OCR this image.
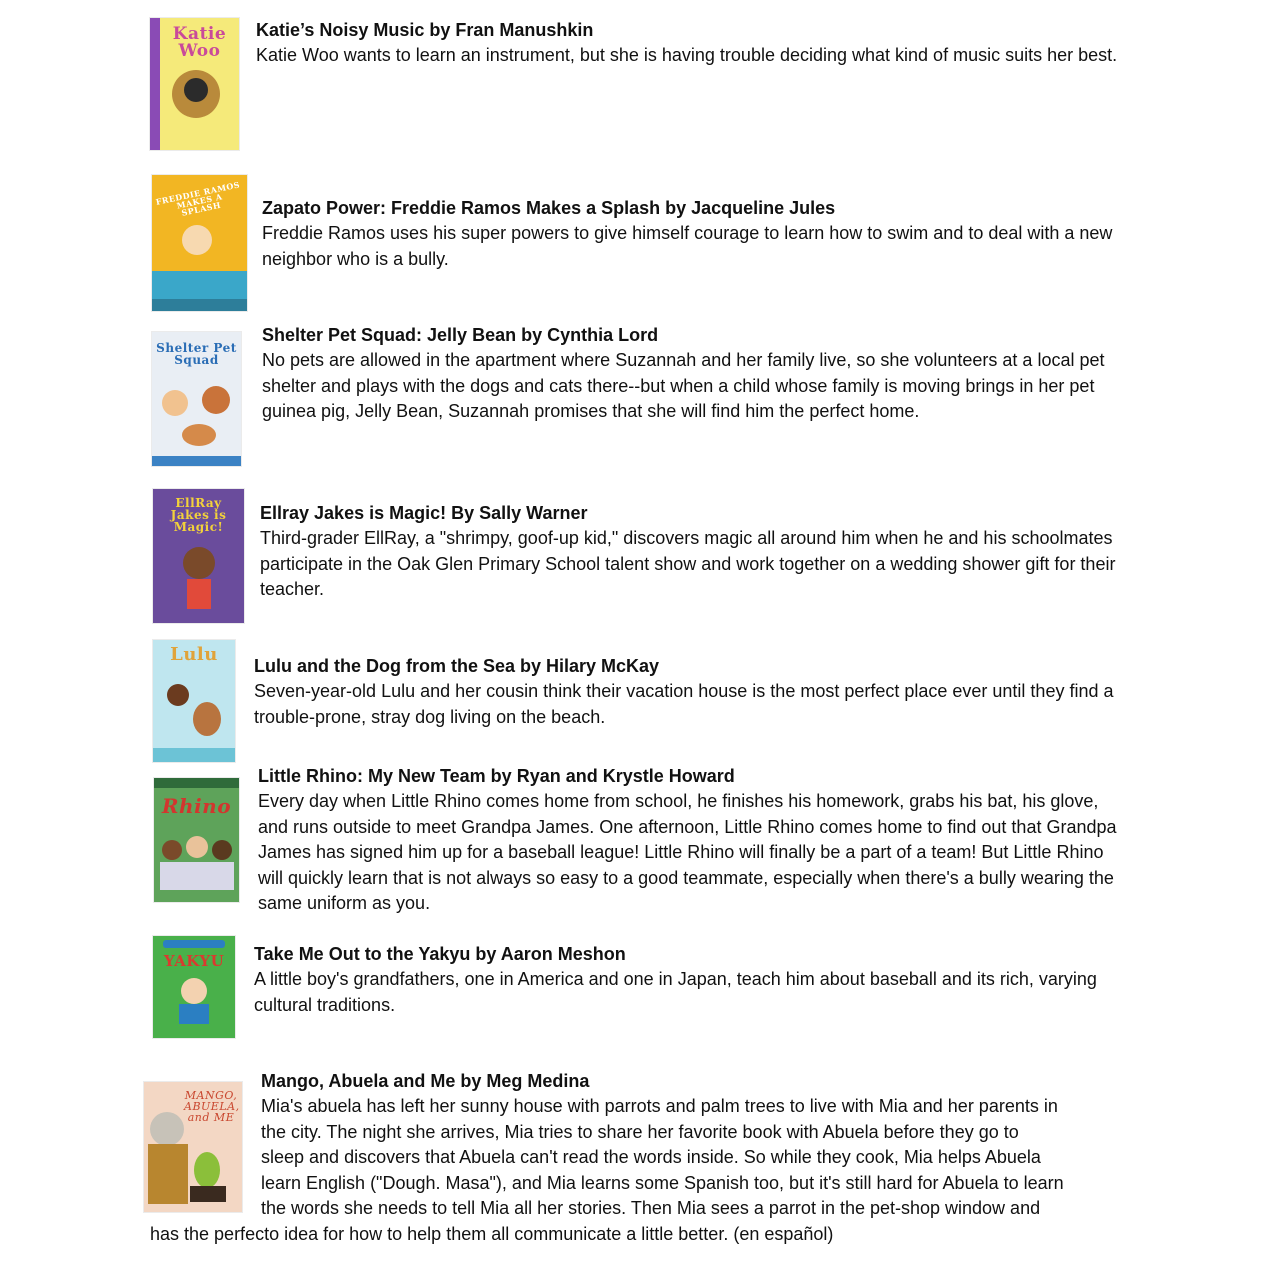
Katie Woo
Katie’s Noisy Music by Fran Manushkin
Katie Woo wants to learn an instrument, but she is having trouble deciding what kind of music suits her best.
FREDDIE RAMOS MAKES A SPLASH	Zapato Power: Freddie Ramos Makes a Splash by Jacqueline Jules
Freddie Ramos uses his super powers to give himself courage to learn how to swim and to deal with a new neighbor who is a bully.
Shelter Pet Squad
Shelter Pet Squad: Jelly Bean by Cynthia Lord
No pets are allowed in the apartment where Suzannah and her family live, so she volunteers at a local pet shelter and plays with the dogs and cats there--but when a child whose family is moving brings in her pet guinea pig, Jelly Bean, Suzannah promises that she will find him the perfect home.
EllRay Jakes is Magic!
Ellray Jakes is Magic! By Sally Warner
Third-grader EllRay, a "shrimpy, goof-up kid," discovers magic all around him when he and his schoolmates participate in the Oak Glen Primary School talent show and work together on a wedding shower gift for their teacher.
Lulu
Lulu and the Dog from the Sea by Hilary McKay
Seven-year-old Lulu and her cousin think their vacation house is the most perfect place ever until they find a trouble-prone, stray dog living on the beach.
Rhino
Little Rhino: My New Team by Ryan and Krystle Howard
Every day when Little Rhino comes home from school, he finishes his homework, grabs his bat, his glove, and runs outside to meet Grandpa James. One afternoon, Little Rhino comes home to find out that Grandpa James has signed him up for a baseball league! Little Rhino will finally be a part of a team! But Little Rhino will quickly learn that is not always so easy to a good teammate, especially when there's a bully wearing the same uniform as you.
YAKYU	Take Me Out to the Yakyu by Aaron Meshon
A little boy's grandfathers, one in America and one in Japan, teach him about baseball and its rich, varying cultural traditions.
MANGO, ABUELA, and ME
Mango, Abuela and Me by Meg Medina
Mia's abuela has left her sunny house with parrots and palm trees to live with Mia and her parents in
the city. The night she arrives, Mia tries to share her favorite book with Abuela before they go to
sleep and discovers that Abuela can't read the words inside. So while they cook, Mia helps Abuela
learn English ("Dough. Masa"), and Mia learns some Spanish too, but it's still hard for Abuela to learn
the words she needs to tell Mia all her stories. Then Mia sees a parrot in the pet-shop window and
has the perfecto idea for how to help them all communicate a little better. (en español)
